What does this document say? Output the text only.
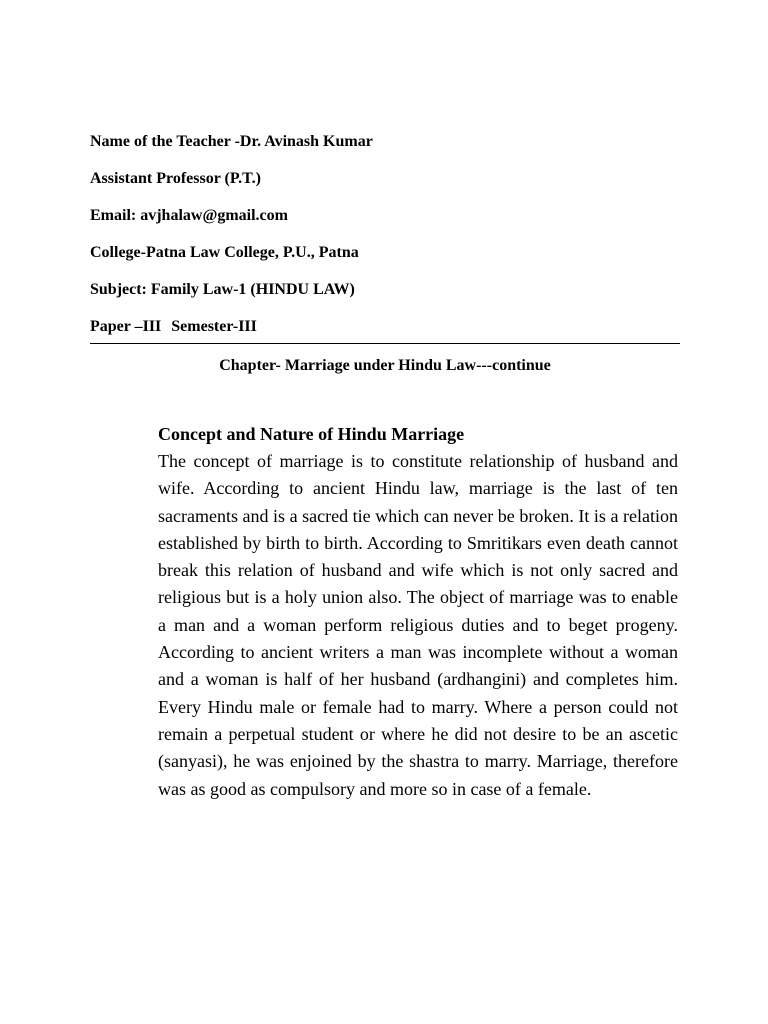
Name of the Teacher -Dr. Avinash Kumar
Assistant Professor (P.T.)
Email: avjhalaw@gmail.com
College-Patna Law College, P.U., Patna
Subject: Family Law-1 (HINDU LAW)
Paper –III Semester-III
Chapter- Marriage under Hindu Law---continue
Concept and Nature of Hindu Marriage

The concept of marriage is to constitute relationship of husband and wife. According to ancient Hindu law, marriage is the last of ten sacraments and is a sacred tie which can never be broken. It is a relation established by birth to birth. According to Smritikars even death cannot break this relation of husband and wife which is not only sacred and religious but is a holy union also. The object of marriage was to enable a man and a woman perform religious duties and to beget progeny. According to ancient writers a man was incomplete without a woman and a woman is half of her husband (ardhangini) and completes him. Every Hindu male or female had to marry. Where a person could not remain a perpetual student or where he did not desire to be an ascetic (sanyasi), he was enjoined by the shastra to marry. Marriage, therefore was as good as compulsory and more so in case of a female.
